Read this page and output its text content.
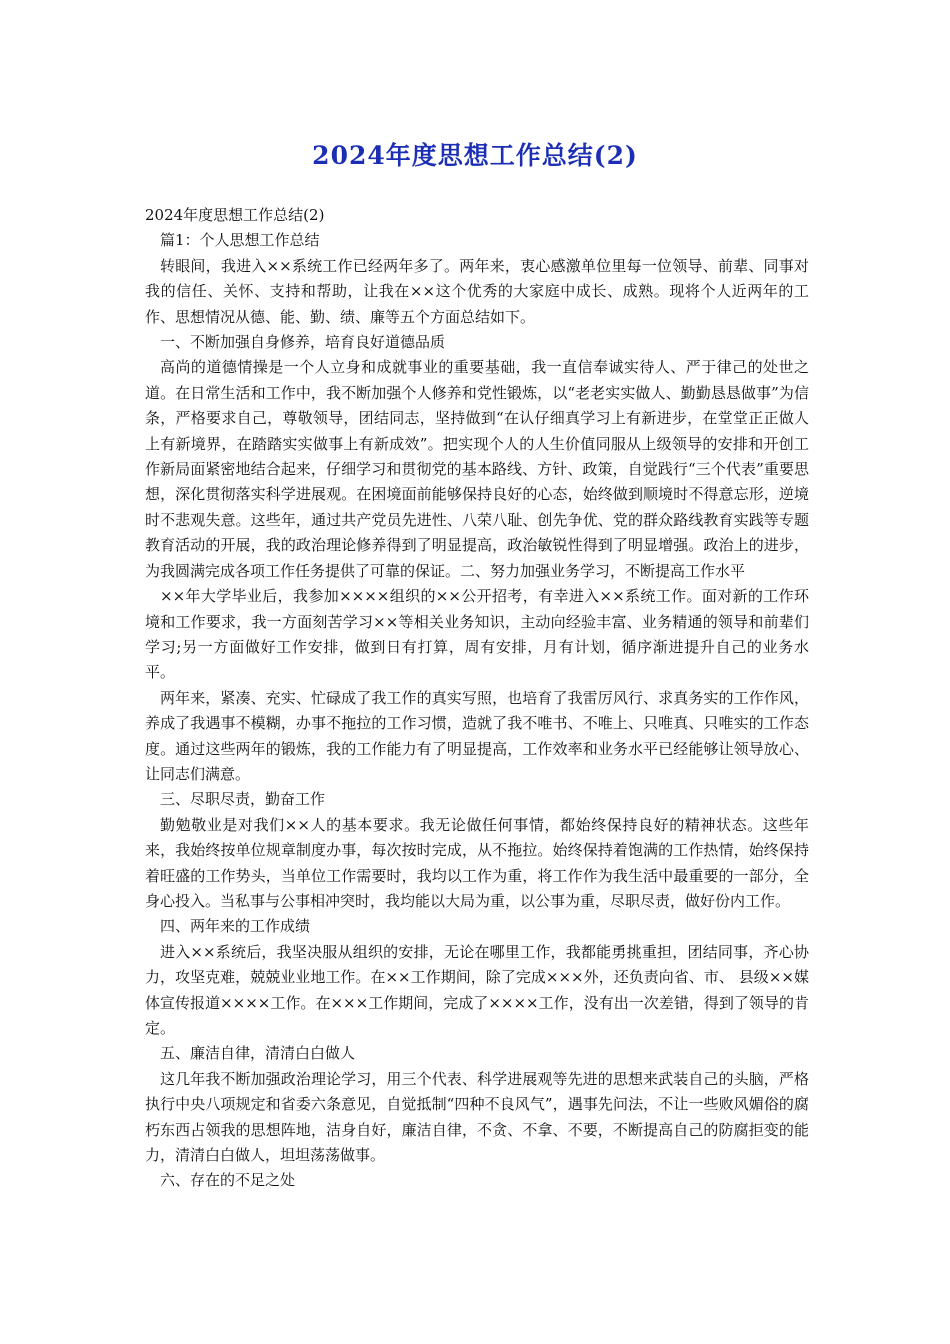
2024年度思想工作总结(2)

2024年度思想工作总结(2)

篇1：个人思想工作总结

转眼间，我进入××系统工作已经两年多了。两年来，衷心感激单位里每一位领导、前辈、同事对我的信任、关怀、支持和帮助，让我在××这个优秀的大家庭中成长、成熟。现将个人近两年的工作、思想情况从德、能、勤、绩、廉等五个方面总结如下。

一、不断加强自身修养，培育良好道德品质

高尚的道德情操是一个人立身和成就事业的重要基础，我一直信奉诚实待人、严于律己的处世之道。在日常生活和工作中，我不断加强个人修养和党性锻炼，以“老老实实做人、勤勤恳恳做事”为信条，严格要求自己，尊敬领导，团结同志，坚持做到“在认仔细真学习上有新进步，在堂堂正正做人上有新境界，在踏踏实实做事上有新成效”。把实现个人的人生价值同服从上级领导的安排和开创工作新局面紧密地结合起来，仔细学习和贯彻党的基本路线、方针、政策，自觉践行“三个代表”重要思想，深化贯彻落实科学进展观。在困境面前能够保持良好的心态，始终做到顺境时不得意忘形，逆境时不悲观失意。这些年，通过共产党员先进性、八荣八耻、创先争优、党的群众路线教育实践等专题教育活动的开展，我的政治理论修养得到了明显提高，政治敏锐性得到了明显增强。政治上的进步，为我圆满完成各项工作任务提供了可靠的保证。二、努力加强业务学习，不断提高工作水平

××年大学毕业后，我参加××××组织的××公开招考，有幸进入××系统工作。面对新的工作环境和工作要求，我一方面刻苦学习××等相关业务知识，主动向经验丰富、业务精通的领导和前辈们学习;另一方面做好工作安排，做到日有打算，周有安排，月有计划，循序渐进提升自己的业务水平。

两年来，紧凑、充实、忙碌成了我工作的真实写照，也培育了我雷厉风行、求真务实的工作作风，养成了我遇事不模糊，办事不拖拉的工作习惯，造就了我不唯书、不唯上、只唯真、只唯实的工作态度。通过这些两年的锻炼，我的工作能力有了明显提高，工作效率和业务水平已经能够让领导放心、让同志们满意。

三、尽职尽责，勤奋工作

勤勉敬业是对我们××人的基本要求。我无论做任何事情，都始终保持良好的精神状态。这些年来，我始终按单位规章制度办事，每次按时完成，从不拖拉。始终保持着饱满的工作热情，始终保持着旺盛的工作势头，当单位工作需要时，我均以工作为重，将工作作为我生活中最重要的一部分，全身心投入。当私事与公事相冲突时，我均能以大局为重，以公事为重，尽职尽责，做好份内工作。

四、两年来的工作成绩

进入××系统后，我坚决服从组织的安排，无论在哪里工作，我都能勇挑重担，团结同事，齐心协力，攻坚克难，兢兢业业地工作。在××工作期间，除了完成×××外，还负责向省、市、 县级××媒体宣传报道××××工作。在×××工作期间，完成了××××工作，没有出一次差错，得到了领导的肯定。

五、廉洁自律，清清白白做人

这几年我不断加强政治理论学习，用三个代表、科学进展观等先进的思想来武装自己的头脑，严格执行中央八项规定和省委六条意见，自觉抵制“四种不良风气”，遇事先问法，不让一些败风媚俗的腐朽东西占领我的思想阵地，洁身自好，廉洁自律，不贪、不拿、不要，不断提高自己的防腐拒变的能力，清清白白做人，坦坦荡荡做事。

六、存在的不足之处
